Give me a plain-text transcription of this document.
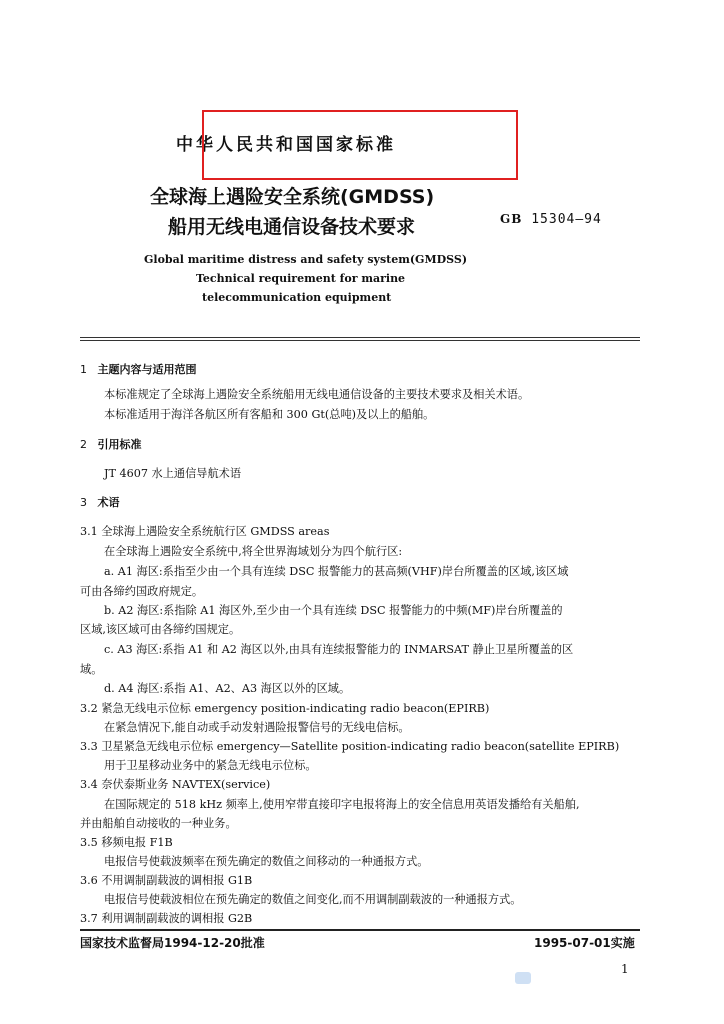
中华人民共和国国家标准
全球海上遇险安全系统(GMDSS)
船用无线电通信设备技术要求	GB 15304—94
Global maritime distress and safety system(GMDSS)
Technical requirement for marine
telecommunication equipment
1 主题内容与适用范围
本标准规定了全球海上遇险安全系统船用无线电通信设备的主要技术要求及相关术语。
本标准适用于海洋各航区所有客船和 300 Gt(总吨)及以上的船舶。
2 引用标准
JT 4607 水上通信导航术语
3 术语
3.1 全球海上遇险安全系统航行区 GMDSS areas
在全球海上遇险安全系统中,将全世界海域划分为四个航行区:
a. A1 海区:系指至少由一个具有连续 DSC 报警能力的甚高频(VHF)岸台所覆盖的区域,该区域
可由各缔约国政府规定。
b. A2 海区:系指除 A1 海区外,至少由一个具有连续 DSC 报警能力的中频(MF)岸台所覆盖的
区域,该区域可由各缔约国规定。
c. A3 海区:系指 A1 和 A2 海区以外,由具有连续报警能力的 INMARSAT 静止卫星所覆盖的区
域。
d. A4 海区:系指 A1、A2、A3 海区以外的区域。
3.2 紧急无线电示位标 emergency position-indicating radio beacon(EPIRB)
在紧急情况下,能自动或手动发射遇险报警信号的无线电信标。
3.3 卫星紧急无线电示位标 emergency—Satellite position-indicating radio beacon(satellite EPIRB)
用于卫星移动业务中的紧急无线电示位标。
3.4 奈伏泰斯业务 NAVTEX(service)
在国际规定的 518 kHz 频率上,使用窄带直接印字电报将海上的安全信息用英语发播给有关船舶,
并由船舶自动接收的一种业务。
3.5 移频电报 F1B
电报信号使载波频率在预先确定的数值之间移动的一种通报方式。
3.6 不用调制副载波的调相报 G1B
电报信号使载波相位在预先确定的数值之间变化,而不用调制副载波的一种通报方式。
3.7 利用调制副载波的调相报 G2B
国家技术监督局1994-12-20批准	1995-07-01实施
1
